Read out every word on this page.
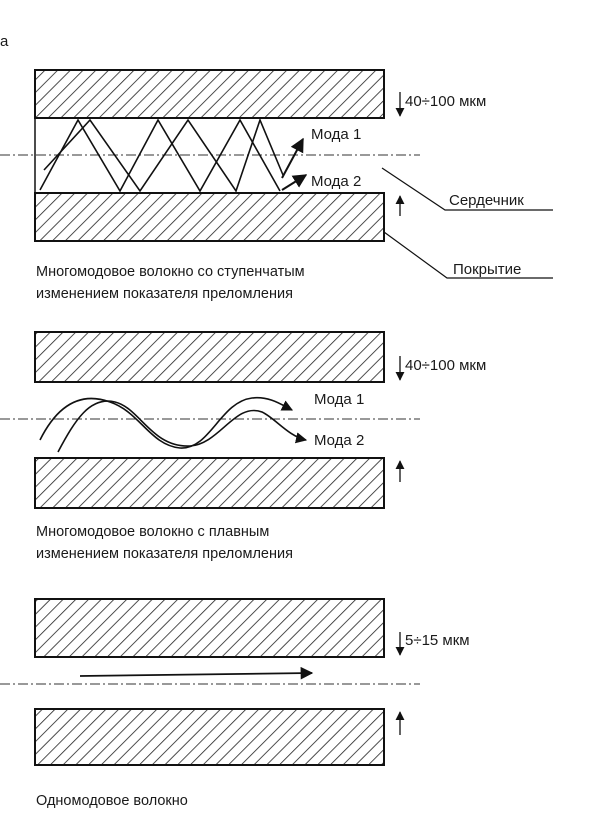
а
Мода 1
Мода 2
40÷100 мкм
Сердечник
Покрытие
Многомодовое волокно со ступенчатым
изменением показателя преломления
Мода 1
Мода 2
40÷100 мкм
Многомодовое волокно с плавным
изменением показателя преломления
5÷15 мкм
Одномодовое волокно
